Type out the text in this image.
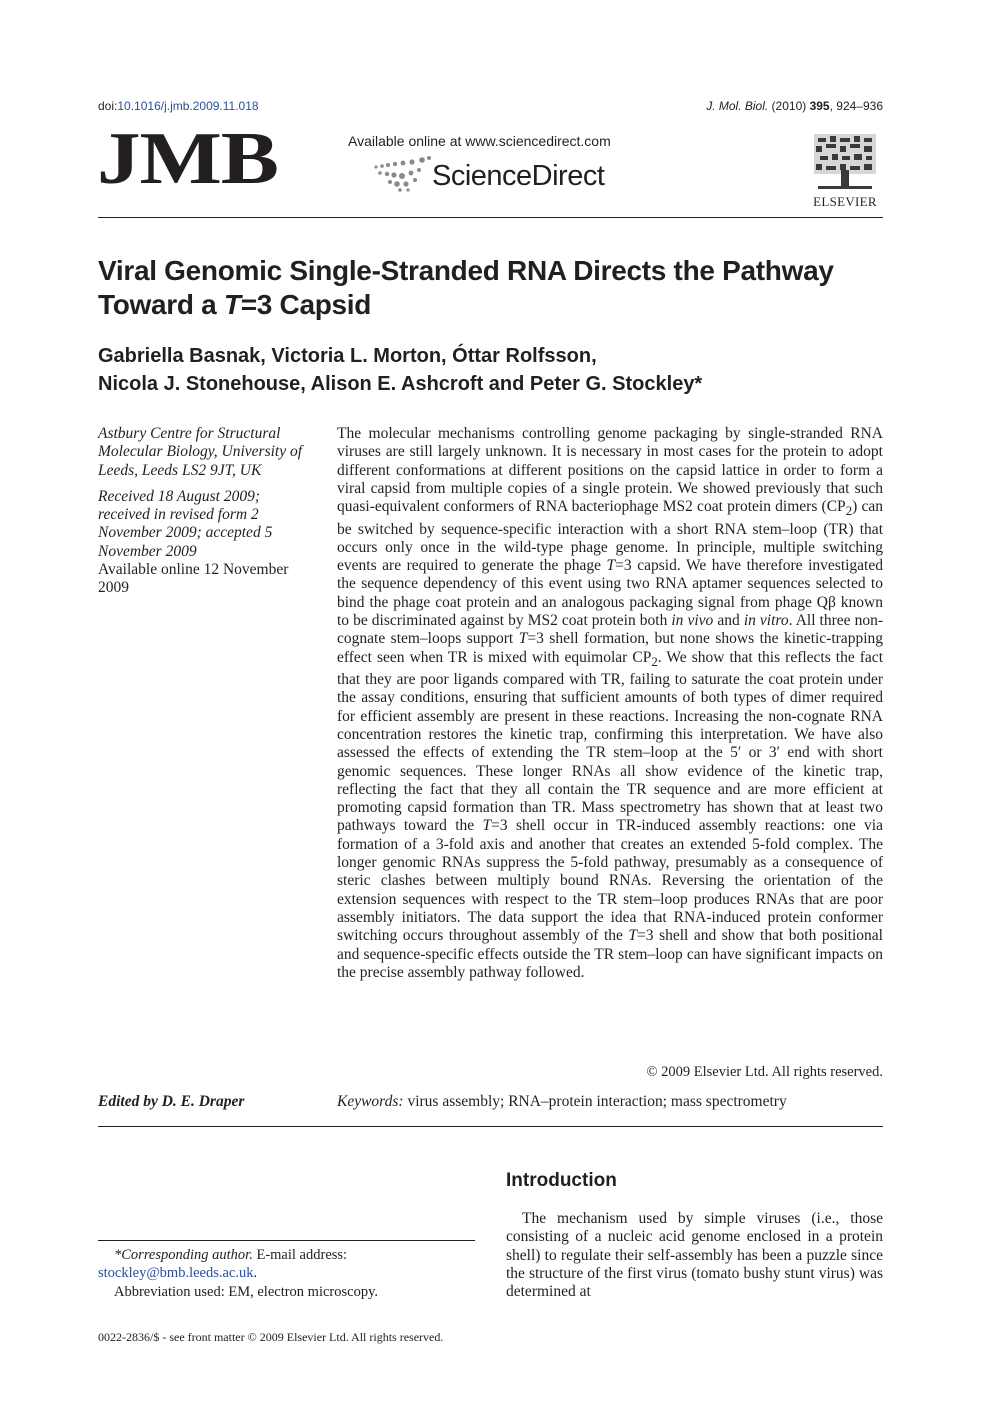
doi:10.1016/j.jmb.2009.11.018	J. Mol. Biol. (2010) 395, 924–936
JMB	Available online at www.sciencedirect.com
ScienceDirect
ELSEVIER
Viral Genomic Single-Stranded RNA Directs the Pathway
Toward a T=3 Capsid
Gabriella Basnak, Victoria L. Morton, Óttar Rolfsson,
Nicola J. Stonehouse, Alison E. Ashcroft and Peter G. Stockley*

Astbury Centre for Structural Molecular Biology, University of Leeds, Leeds LS2 9JT, UK

Received 18 August 2009; received in revised form 2 November 2009; accepted 5 November 2009

Available online 12 November 2009

The molecular mechanisms controlling genome packaging by single-stranded RNA viruses are still largely unknown. It is necessary in most cases for the protein to adopt different conformations at different positions on the capsid lattice in order to form a viral capsid from multiple copies of a single protein. We showed previously that such quasi-equivalent conformers of RNA bacteriophage MS2 coat protein dimers $(CP_2)$ can be switched by sequence-specific interaction with a short RNA stem–loop (TR) that occurs only once in the wild-type phage genome. In principle, multiple switching events are required to generate the phage T=3 capsid. We have therefore investigated the sequence dependency of this event using two RNA aptamer sequences selected to bind the phage coat protein and an analogous packaging signal from phage Qβ known to be discriminated against by MS2 coat protein both in vivo and in vitro. All three non-cognate stem–loops support T=3 shell formation, but none shows the kinetic-trapping effect seen when TR is mixed with equimolar $CP_2$. We show that this reflects the fact that they are poor ligands compared with TR, failing to saturate the coat protein under the assay conditions, ensuring that sufficient amounts of both types of dimer required for efficient assembly are present in these reactions. Increasing the non-cognate RNA concentration restores the kinetic trap, confirming this interpretation. We have also assessed the effects of extending the TR stem–loop at the 5′ or 3′ end with short genomic sequences. These longer RNAs all show evidence of the kinetic trap, reflecting the fact that they all contain the TR sequence and are more efficient at promoting capsid formation than TR. Mass spectrometry has shown that at least two pathways toward the T=3 shell occur in TR-induced assembly reactions: one via formation of a 3-fold axis and another that creates an extended 5-fold complex. The longer genomic RNAs suppress the 5-fold pathway, presumably as a consequence of steric clashes between multiply bound RNAs. Reversing the orientation of the extension sequences with respect to the TR stem–loop produces RNAs that are poor assembly initiators. The data support the idea that RNA-induced protein conformer switching occurs throughout assembly of the T=3 shell and show that both positional and sequence-specific effects outside the TR stem–loop can have significant impacts on the precise assembly pathway followed.

© 2009 Elsevier Ltd. All rights reserved.
Edited by D. E. Draper	Keywords: virus assembly; RNA–protein interaction; mass spectrometry
Introduction

The mechanism used by simple viruses (i.e., those consisting of a nucleic acid genome enclosed in a protein shell) to regulate their self-assembly has been a puzzle since the structure of the first virus (tomato bushy stunt virus) was determined at

*Corresponding author. E-mail address:

stockley@bmb.leeds.ac.uk.

Abbreviation used: EM, electron microscopy.

0022-2836/$ - see front matter © 2009 Elsevier Ltd. All rights reserved.
